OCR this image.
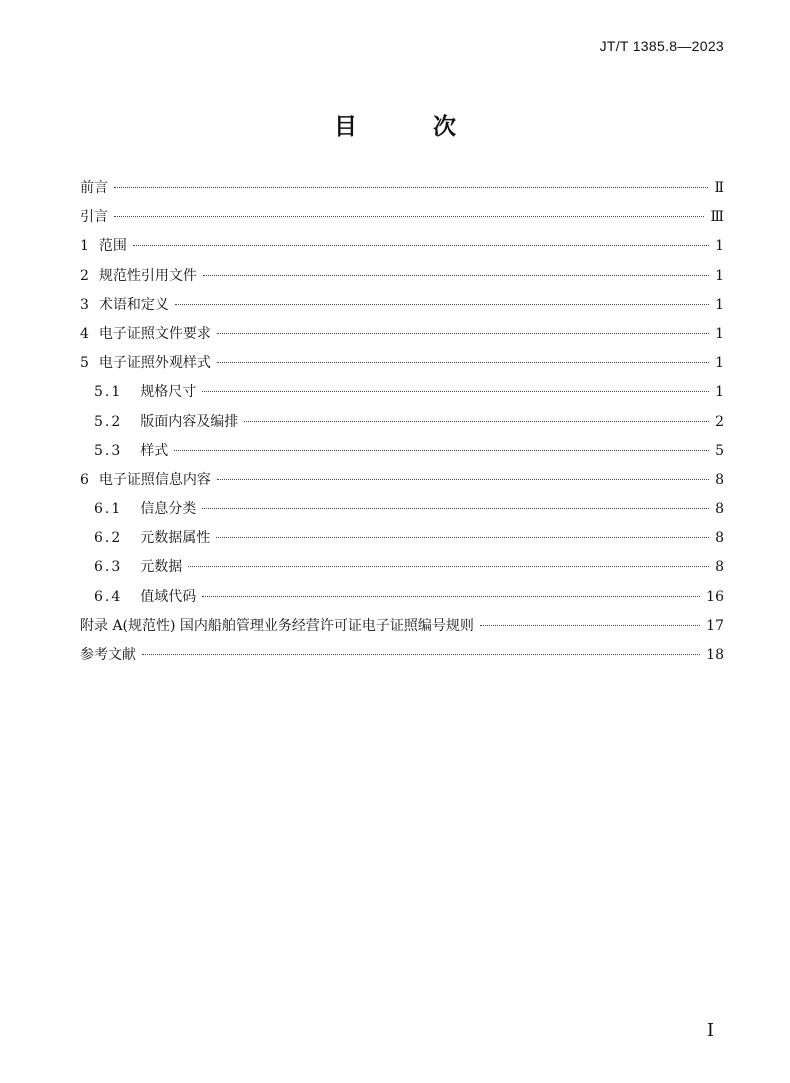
JT/T 1385.8—2023
目 次
前言	Ⅱ
引言	Ⅲ
1 范围	1
2 规范性引用文件	1
3 术语和定义	1
4 电子证照文件要求	1
5 电子证照外观样式	1
5.1 规格尺寸	1
5.2 版面内容及编排	2
5.3 样式	5
6 电子证照信息内容	8
6.1 信息分类	8
6.2 元数据属性	8
6.3 元数据	8
6.4 值域代码	16
附录 A(规范性) 国内船舶管理业务经营许可证电子证照编号规则	17
参考文献	18
I
